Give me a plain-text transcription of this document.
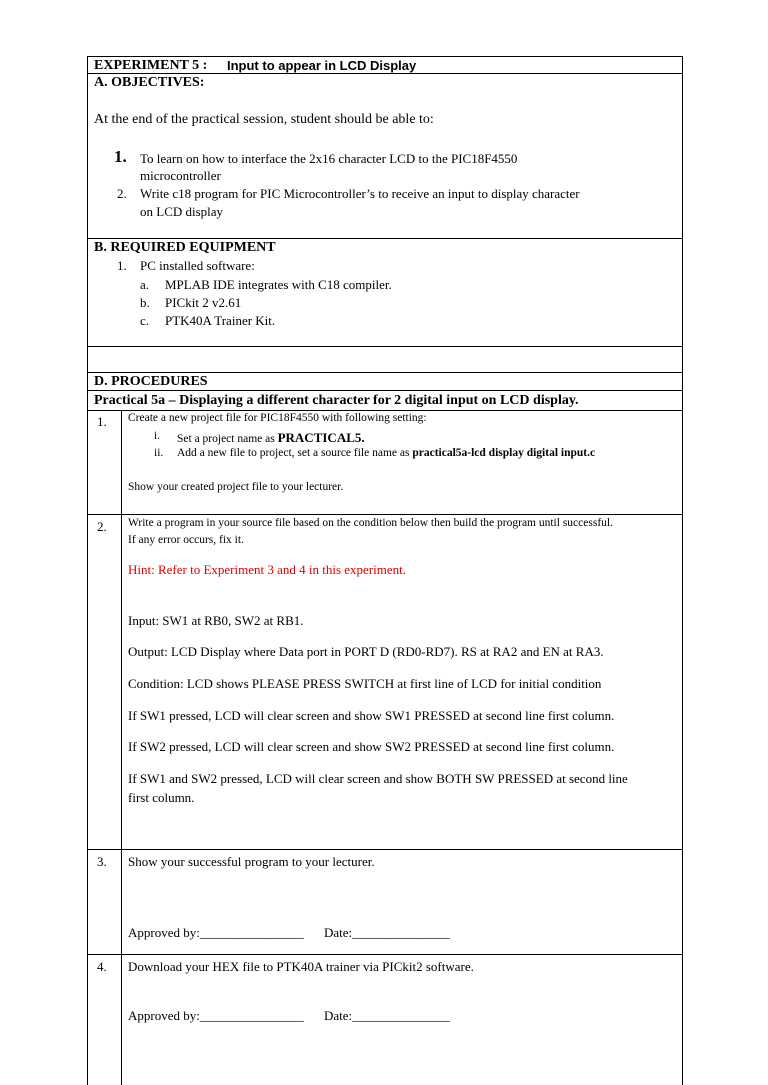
EXPERIMENT 5 : Input to appear in LCD Display
A. OBJECTIVES:
At the end of the practical session, student should be able to:
1. To learn on how to interface the 2x16 character LCD to the PIC18F4550
microcontroller
2. Write c18 program for PIC Microcontroller’s to receive an input to display character
on LCD display
B. REQUIRED EQUIPMENT
1. PC installed software:
a. MPLAB IDE integrates with C18 compiler.
b. PICkit 2 v2.61
c. PTK40A Trainer Kit.
D. PROCEDURES
Practical 5a – Displaying a different character for 2 digital input on LCD display.
1. Create a new project file for PIC18F4550 with following setting:
i. Set a project name as PRACTICAL5.
ii. Add a new file to project, set a source file name as practical5a-lcd display digital input.c
Show your created project file to your lecturer.
2. Write a program in your source file based on the condition below then build the program until successful.
If any error occurs, fix it.
Hint: Refer to Experiment 3 and 4 in this experiment.
Input: SW1 at RB0, SW2 at RB1.
Output: LCD Display where Data port in PORT D (RD0-RD7). RS at RA2 and EN at RA3.
Condition: LCD shows PLEASE PRESS SWITCH at first line of LCD for initial condition
If SW1 pressed, LCD will clear screen and show SW1 PRESSED at second line first column.
If SW2 pressed, LCD will clear screen and show SW2 PRESSED at second line first column.
If SW1 and SW2 pressed, LCD will clear screen and show BOTH SW PRESSED at second line
first column.
3. Show your successful program to your lecturer.
Approved by:________________ Date:_______________
4. Download your HEX file to PTK40A trainer via PICkit2 software.
Approved by:________________ Date:_______________
